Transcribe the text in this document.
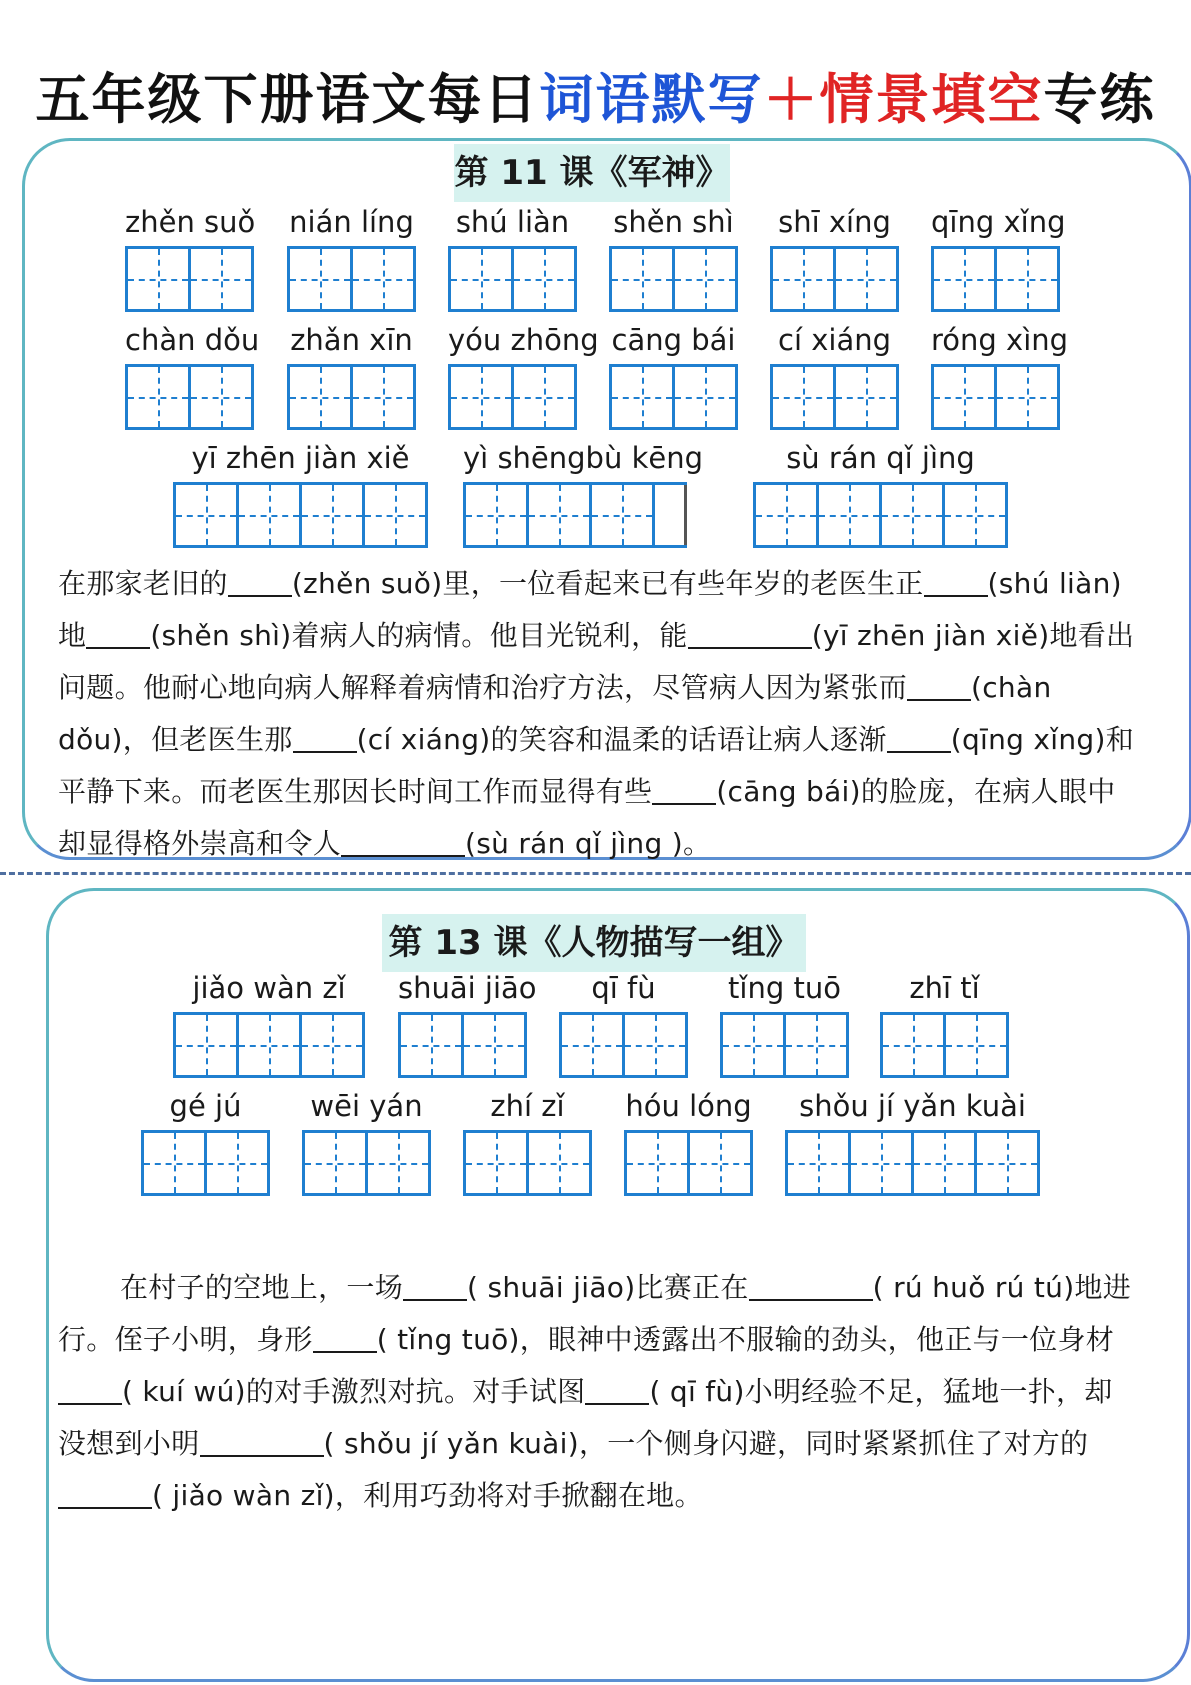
五年级下册语文每日词语默写＋情景填空专练
第 11 课《军神》
第 13 课《人物描写一组》
zhěn suǒ nián líng shú liàn shěn shì shī xíng qīng xǐng
chàn dǒu zhǎn xīn yóu zhōng cāng bái cí xiáng róng xìng
yī zhēn jiàn xiě	yì shēngbù kēng	sù rán qǐ jìng
jiǎo wàn zǐ	shuāi jiāo	qī fù	tǐng tuō	zhī tǐ
gé jú	wēi yán	zhí zǐ	hóu lóng	shǒu jí yǎn kuài
在那家老旧的 (zhěn suǒ)里，一位看起来已有些年岁的老医生正 (shú liàn)地 (shěn shì)着病人的病情。他目光锐利，能	(yī zhēn jiàn xiě)地看出问题。他耐心地向病人解释着病情和治疗方法，尽管病人因为紧张而 (chàn dǒu)，但老医生那 (cí xiáng)的笑容和温柔的话语让病人逐渐 (qīng xǐng)和平静下来。而老医生那因长时间工作而显得有些 (cāng bái)的脸庞，在病人眼中却显得格外崇高和令人	(sù rán qǐ jìng )。
在村子的空地上，一场 ( shuāi jiāo)比赛正在	( rú huǒ rú tú)地进行。侄子小明，身形 ( tǐng tuō)，眼神中透露出不服输的劲头，他正与一位身材( kuí wú)的对手激烈对抗。对手试图 ( qī fù)小明经验不足，猛地一扑，却没想到小明	( shǒu jí yǎn kuài)，一个侧身闪避，同时紧紧抓住了对方的( jiǎo wàn zǐ)，利用巧劲将对手掀翻在地。
